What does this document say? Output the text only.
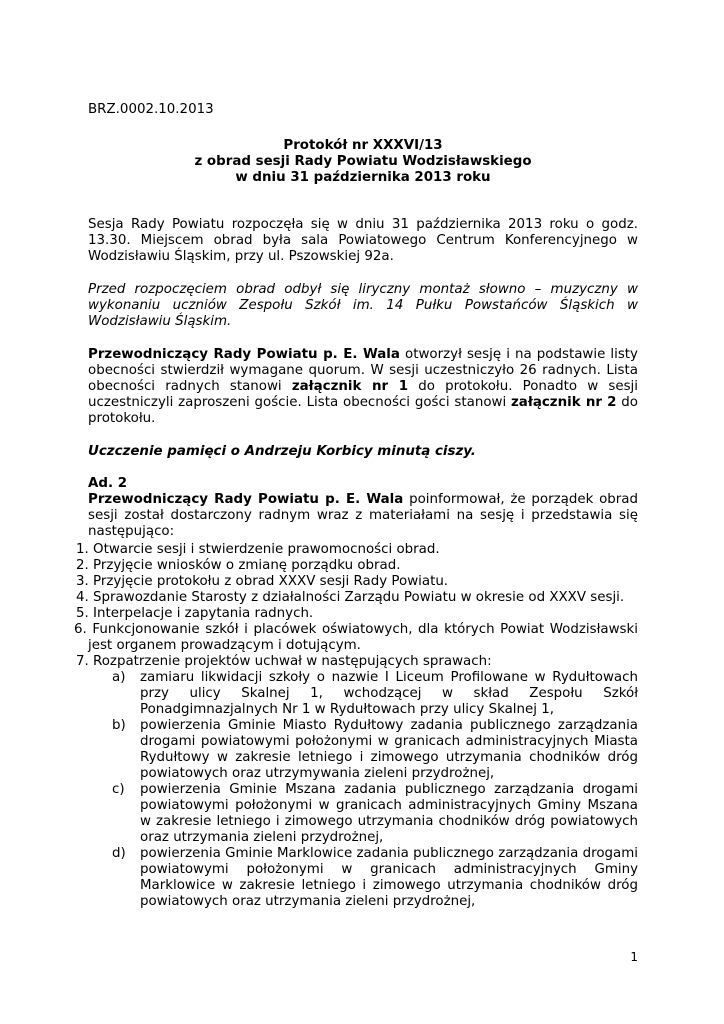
BRZ.0002.10.2013
Protokół nr XXXVI/13
z obrad sesji Rady Powiatu Wodzisławskiego
w dniu 31 października 2013 roku
Sesja Rady Powiatu rozpoczęła się w dniu 31 października 2013 roku o godz. 13.30. Miejscem obrad była sala Powiatowego Centrum Konferencyjnego w Wodzisławiu Śląskim, przy ul. Pszowskiej 92a.
Przed rozpoczęciem obrad odbył się liryczny montaż słowno – muzyczny w wykonaniu uczniów Zespołu Szkół im. 14 Pułku Powstańców Śląskich w Wodzisławiu Śląskim.
Przewodniczący Rady Powiatu p. E. Wala otworzył sesję i na podstawie listy obecności stwierdził wymagane quorum. W sesji uczestniczyło 26 radnych. Lista obecności radnych stanowi załącznik nr 1 do protokołu. Ponadto w sesji uczestniczyli zaproszeni goście. Lista obecności gości stanowi załącznik nr 2 do protokołu.
Uczczenie pamięci o Andrzeju Korbicy minutą ciszy.
Ad. 2
Przewodniczący Rady Powiatu p. E. Wala poinformował, że porządek obrad sesji został dostarczony radnym wraz z materiałami na sesję i przedstawia się następująco:
1. Otwarcie sesji i stwierdzenie prawomocności obrad.
2. Przyjęcie wniosków o zmianę porządku obrad.
3. Przyjęcie protokołu z obrad XXXV sesji Rady Powiatu.
4. Sprawozdanie Starosty z działalności Zarządu Powiatu w okresie od XXXV sesji.
5. Interpelacje i zapytania radnych.
6. Funkcjonowanie szkół i placówek oświatowych, dla których Powiat Wodzisławski jest organem prowadzącym i dotującym.
7. Rozpatrzenie projektów uchwał w następujących sprawach:
a) zamiaru likwidacji szkoły o nazwie I Liceum Profilowane w Rydułtowach przy ulicy Skalnej 1, wchodzącej w skład Zespołu Szkół Ponadgimnazjalnych Nr 1 w Rydułtowach przy ulicy Skalnej 1,
b) powierzenia Gminie Miasto Rydułtowy zadania publicznego zarządzania drogami powiatowymi położonymi w granicach administracyjnych Miasta Rydułtowy w zakresie letniego i zimowego utrzymania chodników dróg powiatowych oraz utrzymywania zieleni przydrożnej,
c) powierzenia Gminie Mszana zadania publicznego zarządzania drogami powiatowymi położonymi w granicach administracyjnych Gminy Mszana w zakresie letniego i zimowego utrzymania chodników dróg powiatowych oraz utrzymania zieleni przydrożnej,
d) powierzenia Gminie Marklowice zadania publicznego zarządzania drogami powiatowymi położonymi w granicach administracyjnych Gminy Marklowice w zakresie letniego i zimowego utrzymania chodników dróg powiatowych oraz utrzymania zieleni przydrożnej,
1
